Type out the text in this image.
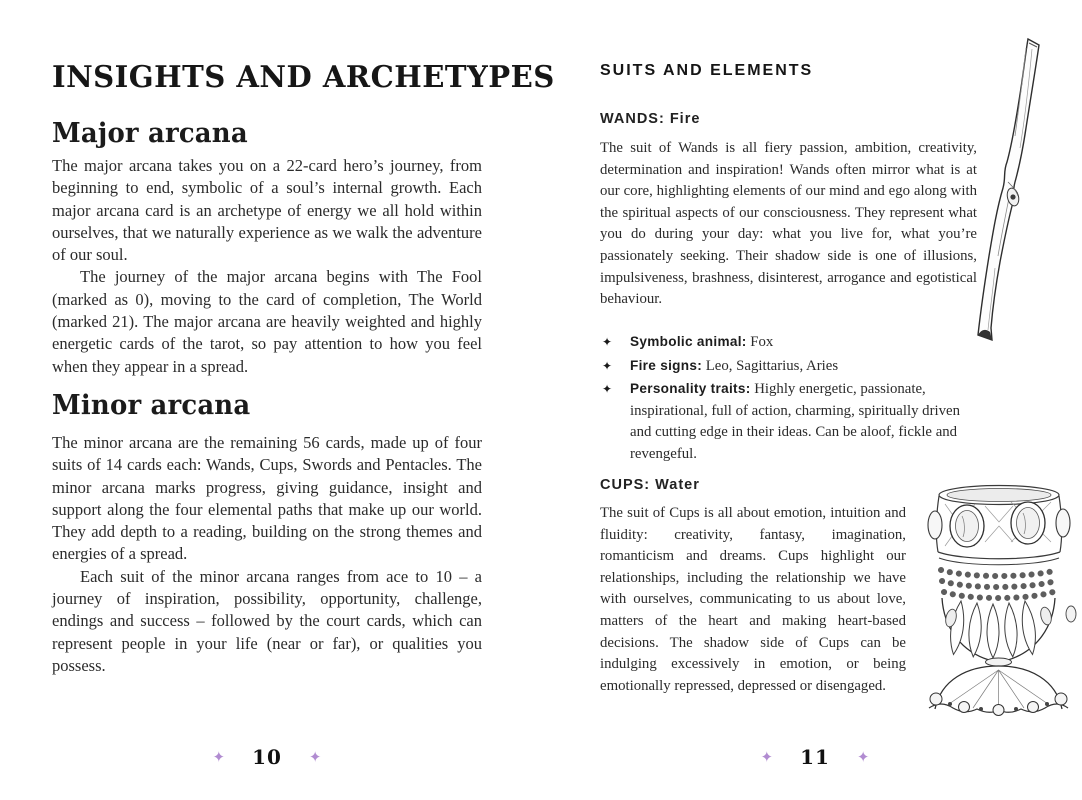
INSIGHTS AND ARCHETYPES
Major arcana

The major arcana takes you on a 22-card hero’s journey, from beginning to end, symbolic of a soul’s internal growth. Each major arcana card is an archetype of energy we all hold within ourselves, that we naturally experience as we walk the adventure of our soul.

The journey of the major arcana begins with The Fool (marked as 0), moving to the card of completion, The World (marked 21). The major arcana are heavily weighted and highly energetic cards of the tarot, so pay attention to how you feel when they appear in a spread.

Minor arcana

The minor arcana are the remaining 56 cards, made up of four suits of 14 cards each: Wands, Cups, Swords and Pentacles. The minor arcana marks progress, giving guidance, insight and support along the four elemental paths that make up our world. They add depth to a reading, building on the strong themes and energies of a spread.

Each suit of the minor arcana ranges from ace to 10 – a journey of inspiration, possibility, opportunity, challenge, endings and success – followed by the court cards, which can represent people in your life (near or far), or qualities you possess.

SUITS AND ELEMENTS
WANDS: Fire

The suit of Wands is all fiery passion, ambition, creativity, determination and inspiration! Wands often mirror what is at our core, highlighting elements of our mind and ego along with the spiritual aspects of our consciousness. They represent what you do during your day: what you live for, what you’re passionately seeking. Their shadow side is one of illusions, impulsiveness, brashness, disinterest, arrogance and egotistical behaviour.

✦ Symbolic animal: Fox
✦ Fire signs: Leo, Sagittarius, Aries
✦ Personality traits: Highly energetic, passionate, inspirational, full of action, charming, spiritually driven and cutting edge in their ideas. Can be aloof, fickle and revengeful.
CUPS: Water

The suit of Cups is all about emotion, intuition and fluidity: creativity, fantasy, imagination, romanticism and dreams. Cups highlight our relationships, including the relationship we have with ourselves, communicating to us about love, matters of the heart and making heart-based decisions. The shadow side of Cups can be indulging excessively in emotion, or being emotionally repressed, depressed or disengaged.

✦ 10 ✦	✦ 11 ✦
